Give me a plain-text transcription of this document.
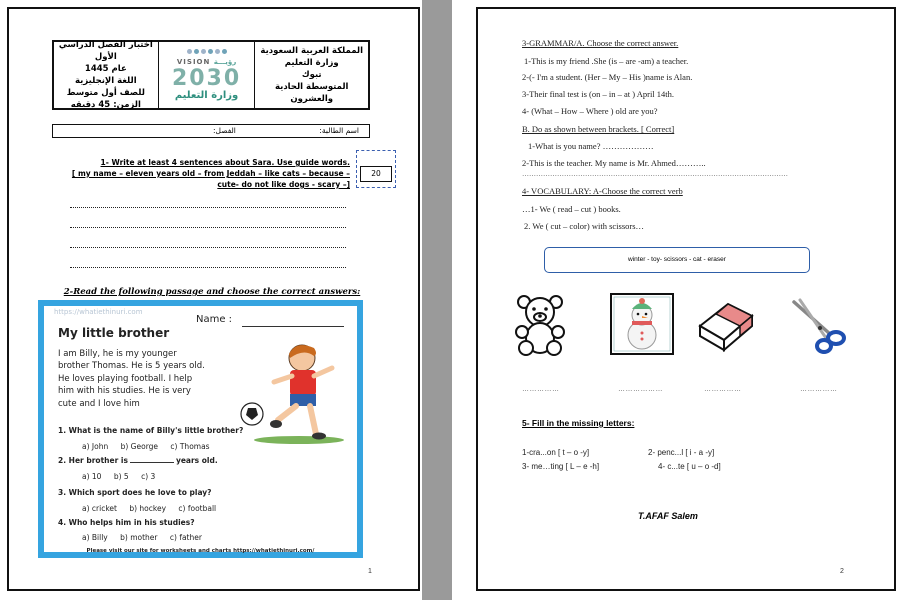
اختبار الفصل الدراسي الأول
عام 1445
اللغة الإنجليزية
للصف أول متوسط
الزمن: 45 دقيقه
VISION رؤيـــة
2030
وزارة التعليم
المملكة العربية السعودية
وزارة التعليم
تبوك
المتوسطة الحادية
والعشرون
اسم الطالبة:
الفصل:
1- Write at least 4 sentences about Sara. Use guide words.
[ my name – eleven years old – from Jeddah – like cats – because –
cute- do not like dogs - scary –]
20
2-Read the following passage and choose the correct answers:
https://whatiethinuri.com
Name :
My little brother
I am Billy, he is my younger brother Thomas. He is 5 years old. He loves playing football. I help him with his studies. He is very cute and I love him
1. What is the name of Billy's little brother?
a) John b) George c) Thomas
2. Her brother is	years old.
a) 10 b) 5 c) 3
3. Which sport does he love to play?
a) cricket b) hockey c) football
4. Who helps him in his studies?
a) Billy b) mother c) father
Please visit our site for worksheets and charts https://whatiethinuri.com/
1
3-GRAMMAR/A. Choose the correct answer.
1-This is my friend .She (is – are -am) a teacher.
2-(- I'm a student. (Her – My – His )name is Alan.
3-Their final test is (on – in – at ) April 14th.
4- (What – How – Where ) old are you?
B. Do as shown between brackets. [ Correct]
1-What is you name? ………………
2-This is the teacher. My name is Mr. Ahmed………..
……………………………………………………………………………………………………
4- VOCABULARY: A-Choose the correct verb
…1- We ( read – cut ) books.
2. We ( cut – color) with scissors…
winter - toy- scissors - cat - eraser
……………	………………	……………	……………
5- Fill in the missing letters:
1-cra...on [ t – o -y]	2- penc...l [ i - a -y]
3- me…ting [ L – e -h]	4- c...te [ u – o -d]
T.AFAF Salem
2
